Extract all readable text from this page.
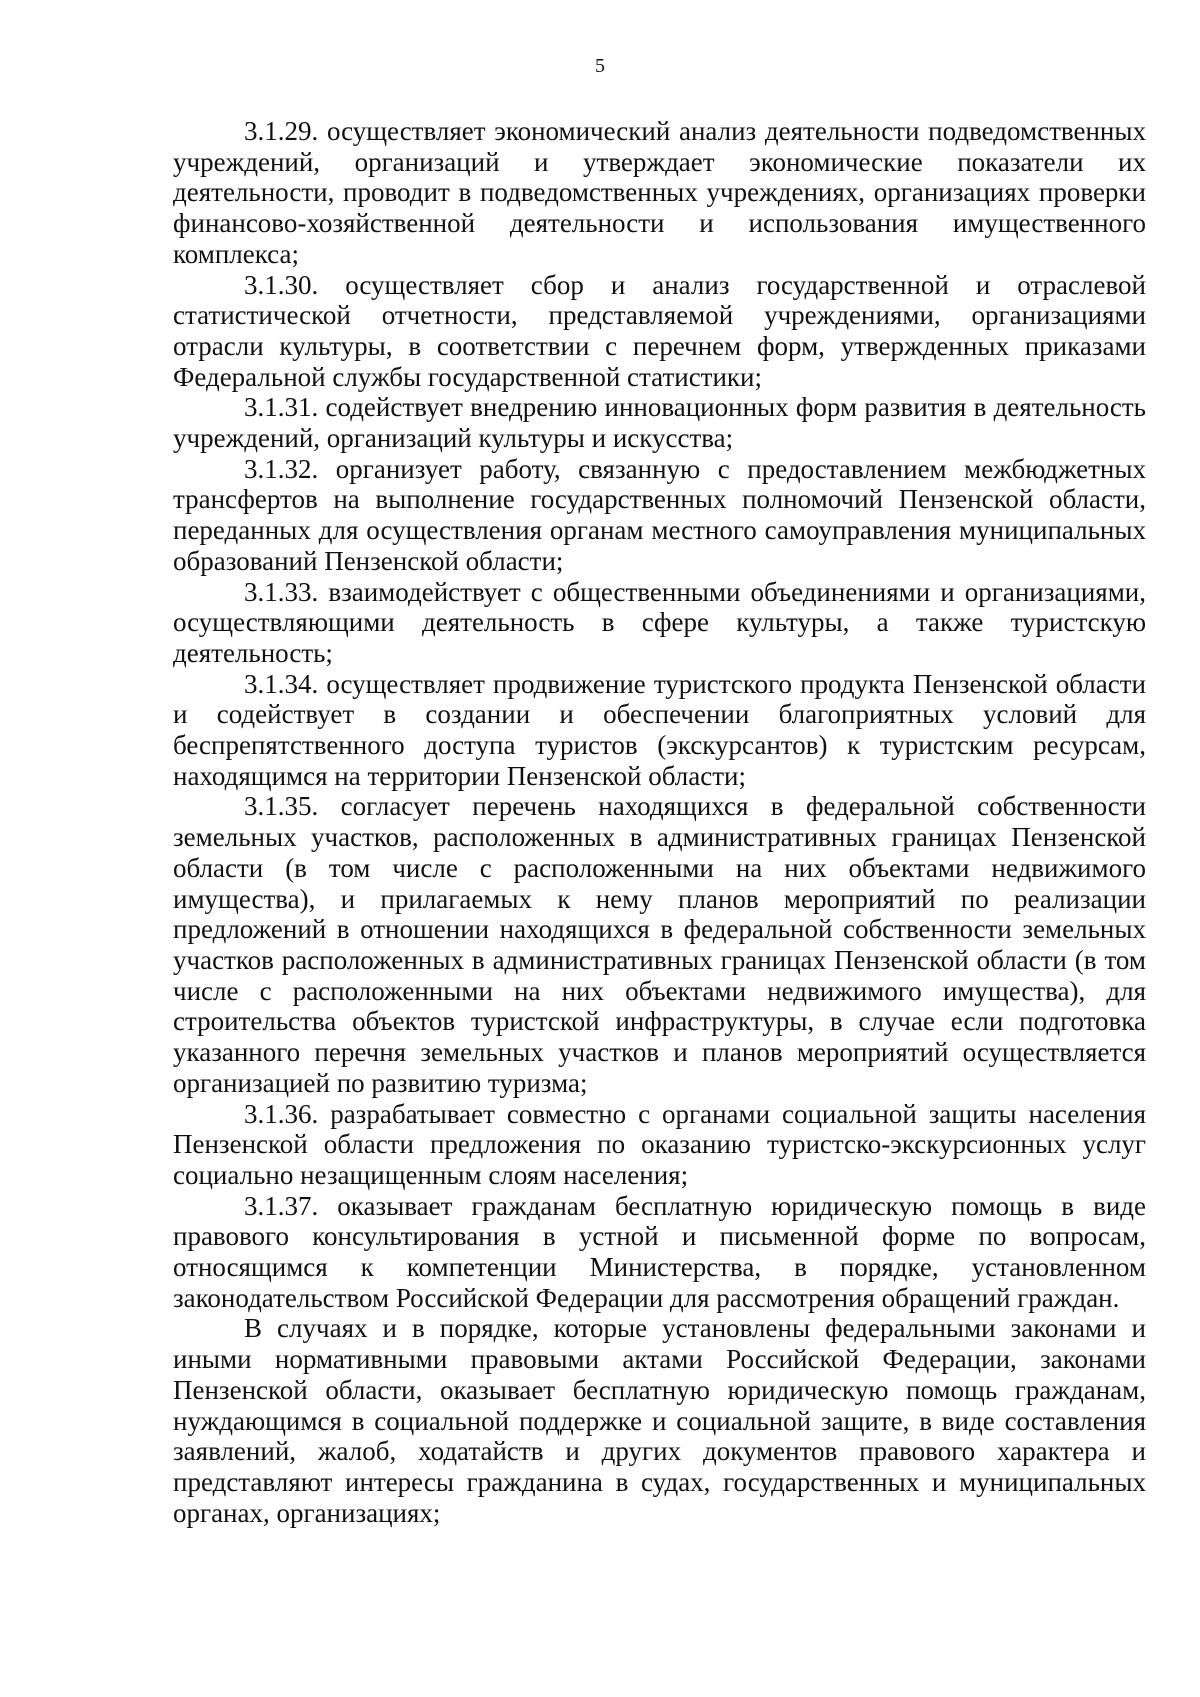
5

3.1.29. осуществляет экономический анализ деятельности подведомственных учреждений, организаций и утверждает экономические показатели их деятельности, проводит в подведомственных учреждениях, организациях проверки финансово-хозяйственной деятельности и использования имущественного комплекса;

3.1.30. осуществляет сбор и анализ государственной и отраслевой статистической отчетности, представляемой учреждениями, организациями отрасли культуры, в соответствии с перечнем форм, утвержденных приказами Федеральной службы государственной статистики;

3.1.31. содействует внедрению инновационных форм развития в деятельность учреждений, организаций культуры и искусства;

3.1.32. организует работу, связанную с предоставлением межбюджетных трансфертов на выполнение государственных полномочий Пензенской области, переданных для осуществления органам местного самоуправления муниципальных образований Пензенской области;

3.1.33. взаимодействует с общественными объединениями и организациями, осуществляющими деятельность в сфере культуры, а также туристскую деятельность;

3.1.34. осуществляет продвижение туристского продукта Пензенской области и содействует в создании и обеспечении благоприятных условий для беспрепятственного доступа туристов (экскурсантов) к туристским ресурсам, находящимся на территории Пензенской области;

3.1.35. согласует перечень находящихся в федеральной собственности земельных участков, расположенных в административных границах Пензенской области (в том числе с расположенными на них объектами недвижимого имущества), и прилагаемых к нему планов мероприятий по реализации предложений в отношении находящихся в федеральной собственности земельных участков расположенных в административных границах Пензенской области (в том числе с расположенными на них объектами недвижимого имущества), для строительства объектов туристской инфраструктуры, в случае если подготовка указанного перечня земельных участков и планов мероприятий осуществляется организацией по развитию туризма;

3.1.36. разрабатывает совместно с органами социальной защиты населения Пензенской области предложения по оказанию туристско-экскурсионных услуг социально незащищенным слоям населения;

3.1.37. оказывает гражданам бесплатную юридическую помощь в виде правового консультирования в устной и письменной форме по вопросам, относящимся к компетенции Министерства, в порядке, установленном законодательством Российской Федерации для рассмотрения обращений граждан.

В случаях и в порядке, которые установлены федеральными законами и иными нормативными правовыми актами Российской Федерации, законами Пензенской области, оказывает бесплатную юридическую помощь гражданам, нуждающимся в социальной поддержке и социальной защите, в виде составления заявлений, жалоб, ходатайств и других документов правового характера и представляют интересы гражданина в судах, государственных и муниципальных органах, организациях;
